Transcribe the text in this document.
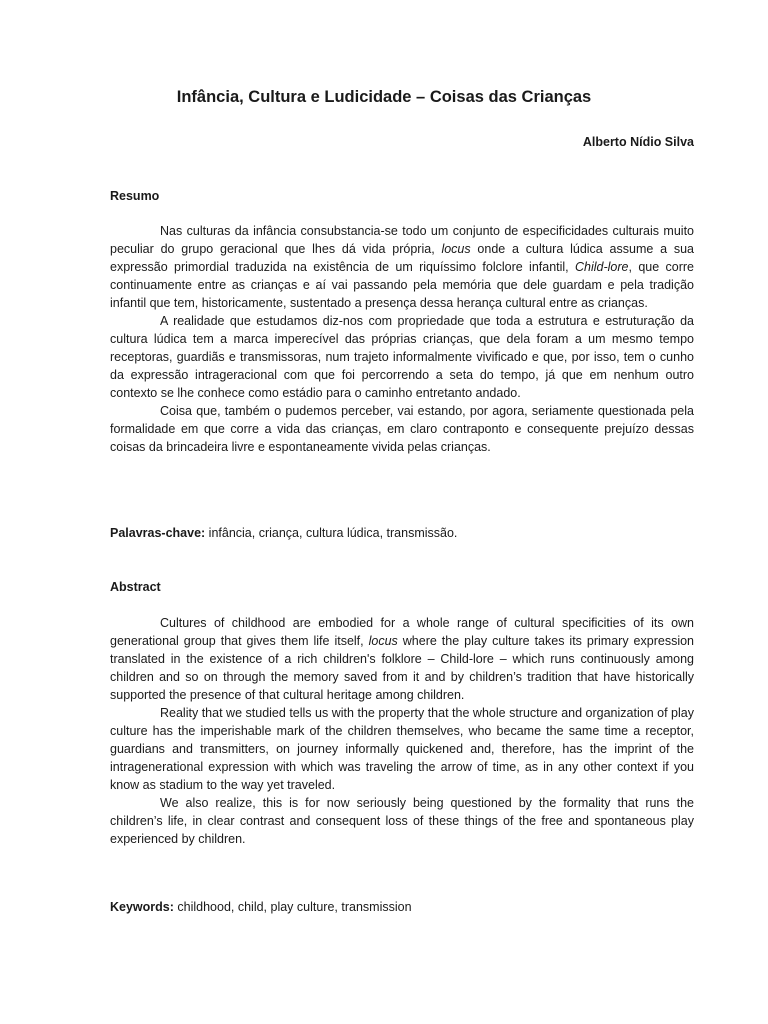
Infância, Cultura e Ludicidade – Coisas das Crianças

Alberto Nídio Silva

Resumo

Nas culturas da infância consubstancia-se todo um conjunto de especificidades culturais muito peculiar do grupo geracional que lhes dá vida própria, locus onde a cultura lúdica assume a sua expressão primordial traduzida na existência de um riquíssimo folclore infantil, Child-lore, que corre continuamente entre as crianças e aí vai passando pela memória que dele guardam e pela tradição infantil que tem, historicamente, sustentado a presença dessa herança cultural entre as crianças.

A realidade que estudamos diz-nos com propriedade que toda a estrutura e estruturação da cultura lúdica tem a marca imperecível das próprias crianças, que dela foram a um mesmo tempo receptoras, guardiãs e transmissoras, num trajeto informalmente vivificado e que, por isso, tem o cunho da expressão intrageracional com que foi percorrendo a seta do tempo, já que em nenhum outro contexto se lhe conhece como estádio para o caminho entretanto andado.

Coisa que, também o pudemos perceber, vai estando, por agora, seriamente questionada pela formalidade em que corre a vida das crianças, em claro contraponto e consequente prejuízo dessas coisas da brincadeira livre e espontaneamente vivida pelas crianças.

Palavras-chave: infância, criança, cultura lúdica, transmissão.

Abstract

Cultures of childhood are embodied for a whole range of cultural specificities of its own generational group that gives them life itself, locus where the play culture takes its primary expression translated in the existence of a rich children's folklore – Child-lore – which runs continuously among children and so on through the memory saved from it and by children’s tradition that have historically supported the presence of that cultural heritage among children.

Reality that we studied tells us with the property that the whole structure and organization of play culture has the imperishable mark of the children themselves, who became the same time a receptor, guardians and transmitters, on journey informally quickened and, therefore, has the imprint of the intragenerational expression with which was traveling the arrow of time, as in any other context if you know as stadium to the way yet traveled.

We also realize, this is for now seriously being questioned by the formality that runs the children’s life, in clear contrast and consequent loss of these things of the free and spontaneous play experienced by children.

Keywords: childhood, child, play culture, transmission
